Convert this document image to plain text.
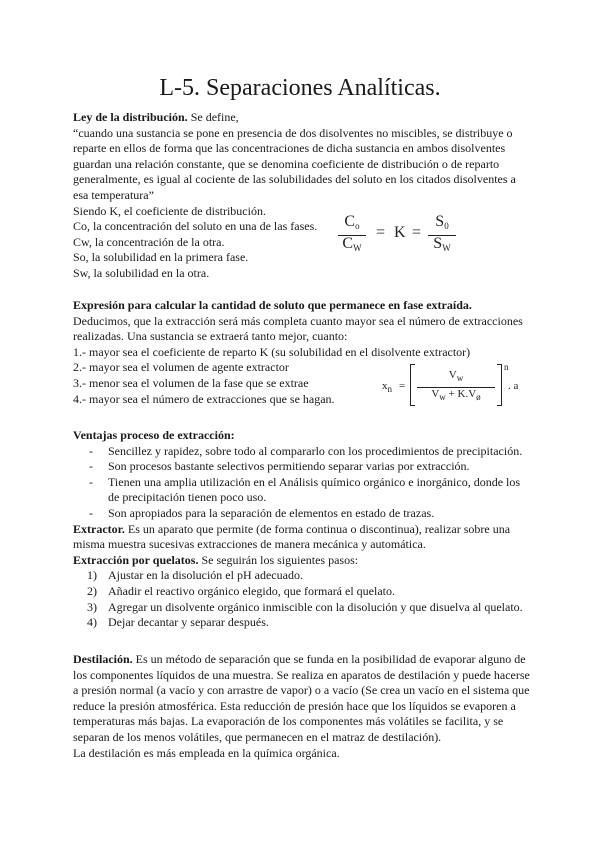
L-5. Separaciones Analíticas.

Ley de la distribución. Se define,

“cuando una sustancia se pone en presencia de dos disolventes no miscibles, se distribuye o reparte en ellos de forma que las concentraciones de dicha sustancia en ambos disolventes guardan una relación constante, que se denomina coeficiente de distribución o de reparto generalmente, es igual al cociente de las solubilidades del soluto en los citados disolventes a esa temperatura”

Siendo K, el coeficiente de distribución.

Co, la concentración del soluto en una de las fases.

Cw, la concentración de la otra.

So, la solubilidad en la primera fase.

Sw, la solubilidad en la otra.

$\frac{C_o}{C_W} = K = \frac{S_0}{S_W}$

Expresión para calcular la cantidad de soluto que permanece en fase extraída.

Deducimos, que la extracción será más completa cuanto mayor sea el número de extracciones realizadas. Una sustancia se extraerá tanto mejor, cuanto:

1.- mayor sea el coeficiente de reparto K (su solubilidad en el disolvente extractor)

2.- mayor sea el volumen de agente extractor

3.- menor sea el volumen de la fase que se extrae

4.- mayor sea el número de extracciones que se hagan.

$x_n$ =
$V_w$
$V_w + K.V_ø$
n
. a

Ventajas proceso de extracción:

- Sencillez y rapidez, sobre todo al compararlo con los procedimientos de precipitación.
- Son procesos bastante selectivos permitiendo separar varias por extracción.
- Tienen una amplia utilización en el Análisis químico orgánico e inorgánico, donde los de precipitación tienen poco uso.
- Son apropiados para la separación de elementos en estado de trazas.

Extractor. Es un aparato que permite (de forma continua o discontinua), realizar sobre una misma muestra sucesivas extracciones de manera mecánica y automática.

Extracción por quelatos. Se seguirán los siguientes pasos:

1) Ajustar en la disolución el pH adecuado.
2) Añadir el reactivo orgánico elegido, que formará el quelato.
3) Agregar un disolvente orgánico inmiscible con la disolución y que disuelva al quelato.
4) Dejar decantar y separar después.

Destilación. Es un método de separación que se funda en la posibilidad de evaporar alguno de los componentes líquidos de una muestra. Se realiza en aparatos de destilación y puede hacerse a presión normal (a vacío y con arrastre de vapor) o a vacío (Se crea un vacío en el sistema que reduce la presión atmosférica. Esta reducción de presión hace que los líquidos se evaporen a temperaturas más bajas. La evaporación de los componentes más volátiles se facilita, y se separan de los menos volátiles, que permanecen en el matraz de destilación).

La destilación es más empleada en la química orgánica.
